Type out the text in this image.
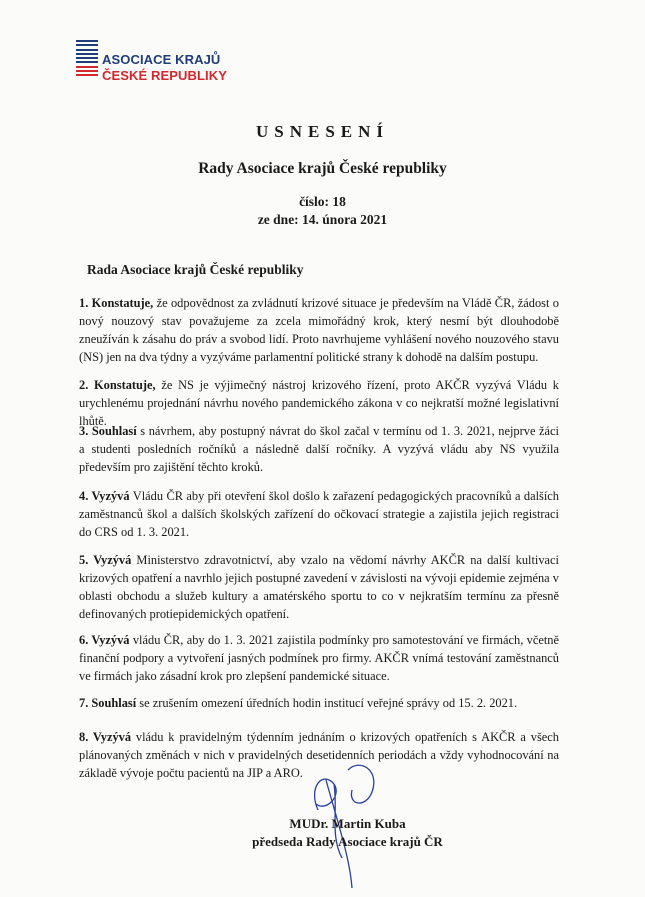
ASOCIACE KRAJŮ
ČESKÉ REPUBLIKY
USNESENÍ
Rady Asociace krajů České republiky
číslo: 18
ze dne: 14. února 2021
Rada Asociace krajů České republiky
1. Konstatuje, že odpovědnost za zvládnutí krizové situace je především na Vládě ČR, žádost o nový nouzový stav považujeme za zcela mimořádný krok, který nesmí být dlouhodobě zneužíván k zásahu do práv a svobod lidí. Proto navrhujeme vyhlášení nového nouzového stavu (NS) jen na dva týdny a vyzýváme parlamentní politické strany k dohodě na dalším postupu.
2. Konstatuje, že NS je výjimečný nástroj krizového řízení, proto AKČR vyzývá Vládu k urychlenému projednání návrhu nového pandemického zákona v co nejkratší možné legislativní lhůtě.
3. Souhlasí s návrhem, aby postupný návrat do škol začal v termínu od 1. 3. 2021, nejprve žáci a studenti posledních ročníků a následně další ročníky. A vyzývá vládu aby NS využila především pro zajištění těchto kroků.
4. Vyzývá Vládu ČR aby při otevření škol došlo k zařazení pedagogických pracovníků a dalších zaměstnanců škol a dalších školských zařízení do očkovací strategie a zajistila jejich registraci do CRS od 1. 3. 2021.
5. Vyzývá Ministerstvo zdravotnictví, aby vzalo na vědomí návrhy AKČR na další kultivaci krizových opatření a navrhlo jejich postupné zavedení v závislosti na vývoji epidemie zejména v oblasti obchodu a služeb kultury a amatérského sportu to co v nejkratším termínu za přesně definovaných protiepidemických opatření.
6. Vyzývá vládu ČR, aby do 1. 3. 2021 zajistila podmínky pro samotestování ve firmách, včetně finanční podpory a vytvoření jasných podmínek pro firmy. AKČR vnímá testování zaměstnanců ve firmách jako zásadní krok pro zlepšení pandemické situace.
7. Souhlasí se zrušením omezení úředních hodin institucí veřejné správy od 15. 2. 2021.
8. Vyzývá vládu k pravidelným týdenním jednáním o krizových opatřeních s AKČR a všech plánovaných změnách v nich v pravidelných desetidenních periodách a vždy vyhodnocování na základě vývoje počtu pacientů na JIP a ARO.
MUDr. Martin Kuba
předseda Rady Asociace krajů ČR
